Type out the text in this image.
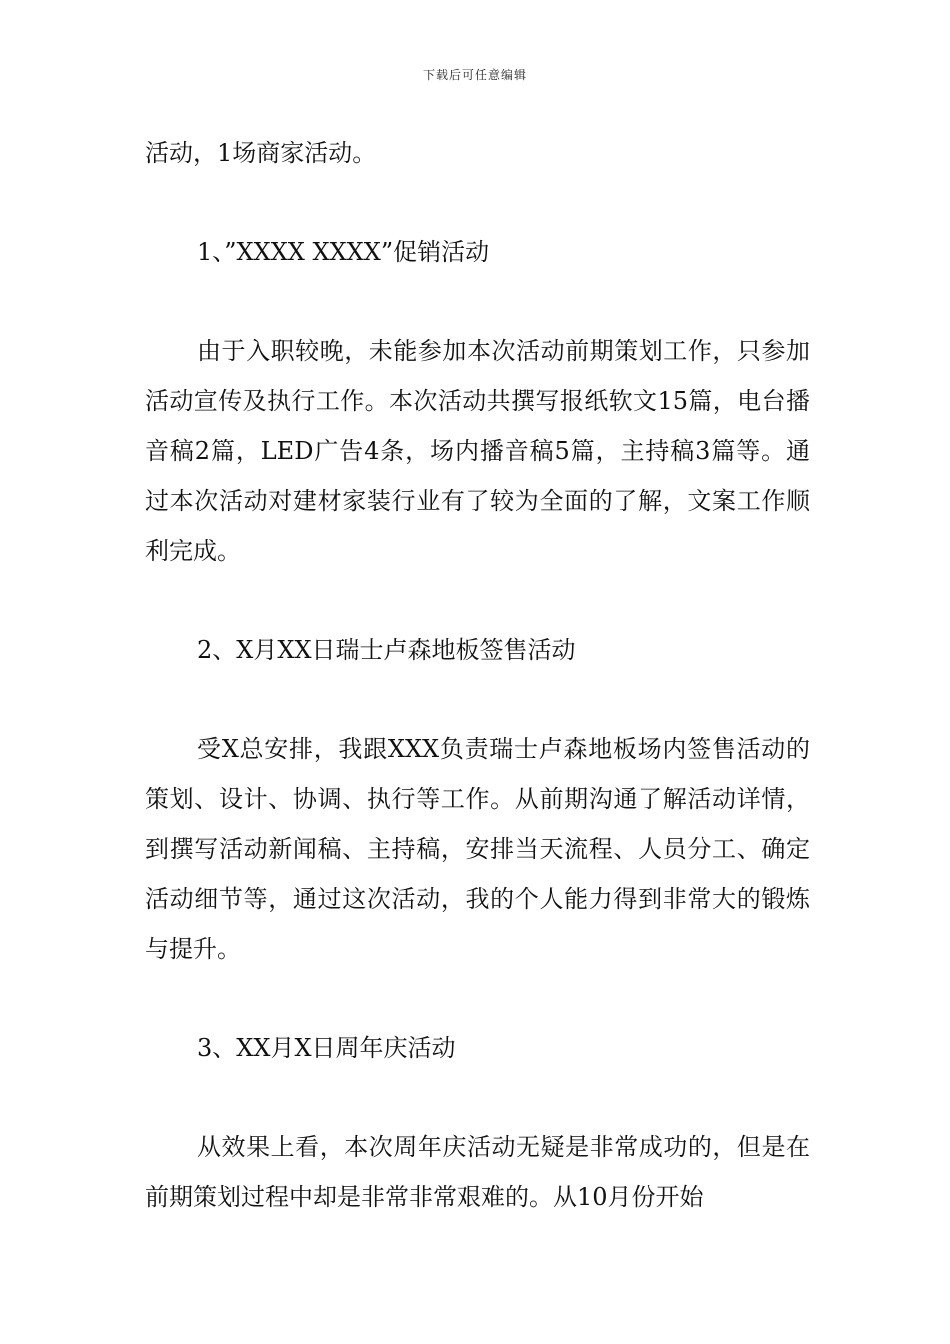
下载后可任意编辑

活动，1场商家活动。

1、”XXXX XXXX”促销活动

由于入职较晚，未能参加本次活动前期策划工作，只参加活动宣传及执行工作。本次活动共撰写报纸软文15篇，电台播音稿2篇，LED广告4条，场内播音稿5篇，主持稿3篇等。通过本次活动对建材家装行业有了较为全面的了解，文案工作顺利完成。

2、X月XX日瑞士卢森地板签售活动

受X总安排，我跟XXX负责瑞士卢森地板场内签售活动的策划、设计、协调、执行等工作。从前期沟通了解活动详情，到撰写活动新闻稿、主持稿，安排当天流程、人员分工、确定活动细节等，通过这次活动，我的个人能力得到非常大的锻炼与提升。

3、XX月X日周年庆活动

从效果上看，本次周年庆活动无疑是非常成功的，但是在前期策划过程中却是非常非常艰难的。从10月份开始
